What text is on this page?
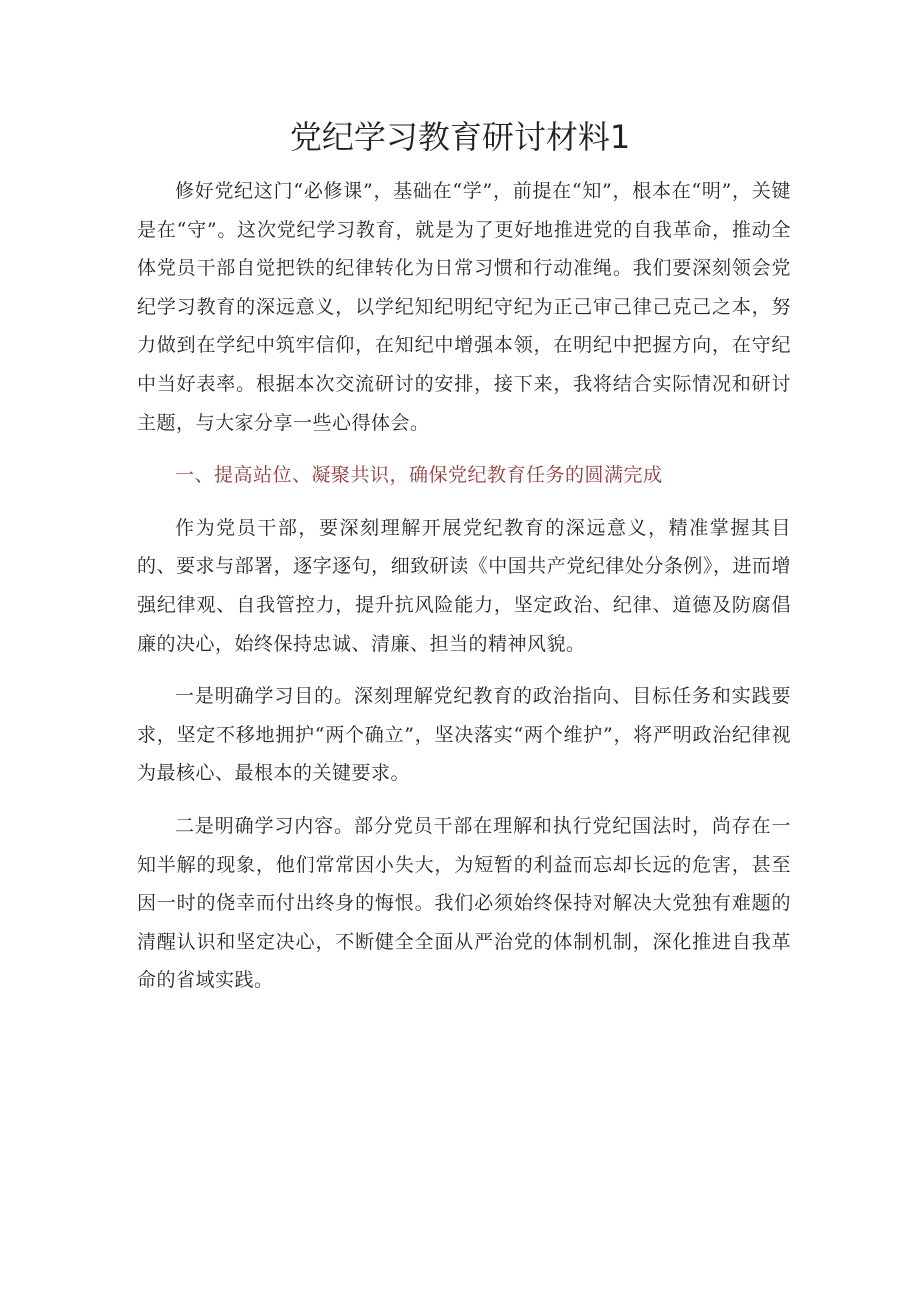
党纪学习教育研讨材料1

修好党纪这门“必修课”，基础在“学”，前提在“知”，根本在“明”，关键是在“守”。这次党纪学习教育，就是为了更好地推进党的自我革命，推动全体党员干部自觉把铁的纪律转化为日常习惯和行动准绳。我们要深刻领会党纪学习教育的深远意义，以学纪知纪明纪守纪为正己审己律己克己之本，努力做到在学纪中筑牢信仰，在知纪中增强本领，在明纪中把握方向，在守纪中当好表率。根据本次交流研讨的安排，接下来，我将结合实际情况和研讨主题，与大家分享一些心得体会。

一、提高站位、凝聚共识，确保党纪教育任务的圆满完成

作为党员干部，要深刻理解开展党纪教育的深远意义，精准掌握其目的、要求与部署，逐字逐句，细致研读《中国共产党纪律处分条例》，进而增强纪律观、自我管控力，提升抗风险能力，坚定政治、纪律、道德及防腐倡廉的决心，始终保持忠诚、清廉、担当的精神风貌。

一是明确学习目的。深刻理解党纪教育的政治指向、目标任务和实践要求，坚定不移地拥护“两个确立”，坚决落实“两个维护”，将严明政治纪律视为最核心、最根本的关键要求。

二是明确学习内容。部分党员干部在理解和执行党纪国法时，尚存在一知半解的现象，他们常常因小失大，为短暂的利益而忘却长远的危害，甚至因一时的侥幸而付出终身的悔恨。我们必须始终保持对解决大党独有难题的清醒认识和坚定决心，不断健全全面从严治党的体制机制，深化推进自我革命的省域实践。
